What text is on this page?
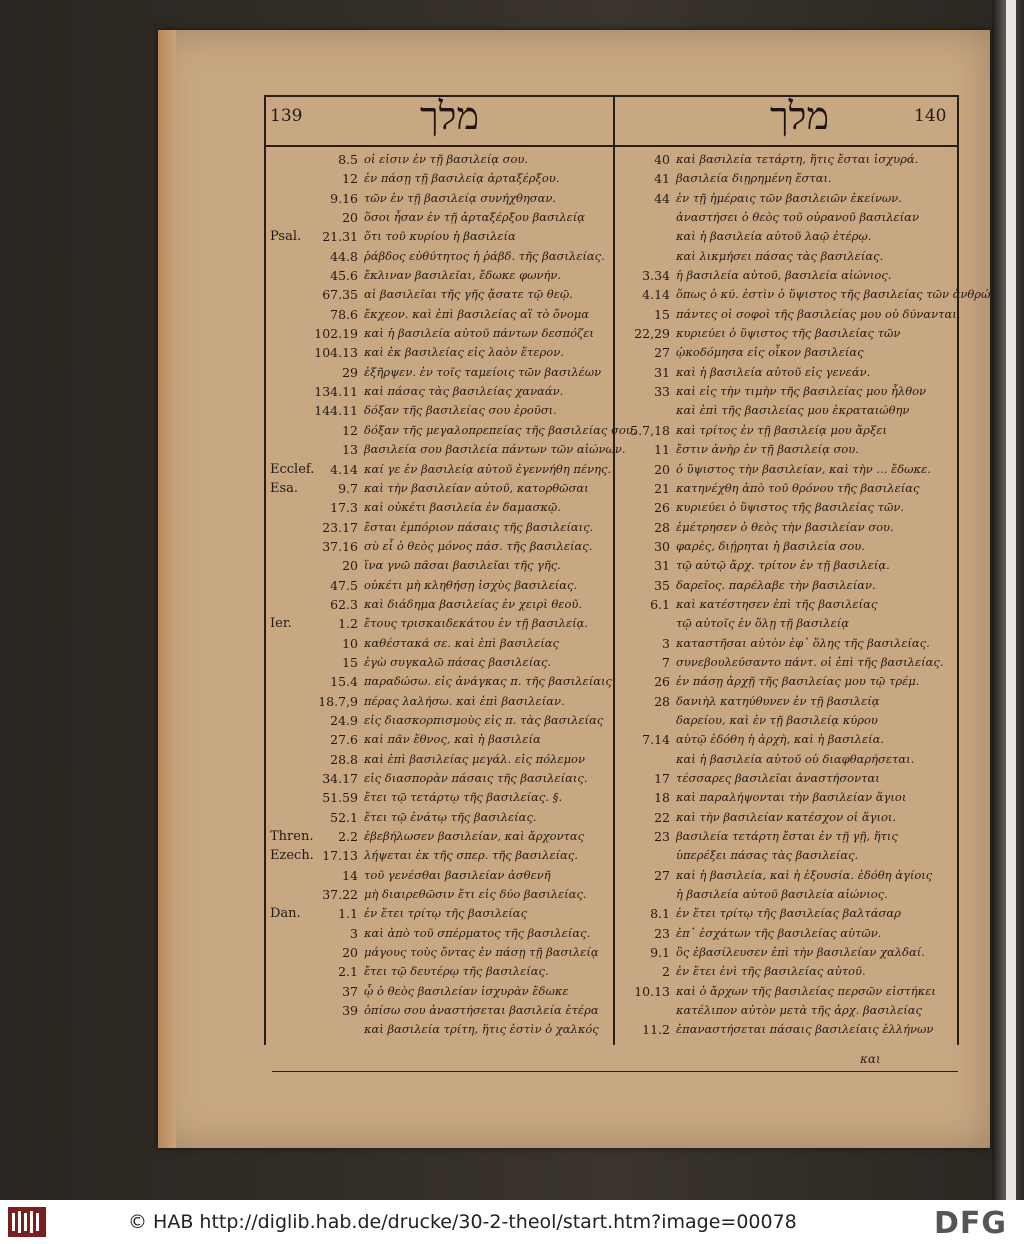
139	מלך	מלך	140
8.5 οἱ εἰσιν ἐν τῇ βασιλείᾳ σου.
12 ἐν πάσῃ τῇ βασιλείᾳ ἀρταξέρξου.
9.16 τῶν ἐν τῇ βασιλείᾳ συνήχθησαν.
20 ὅσοι ἦσαν ἐν τῇ ἀρταξέρξου βασιλείᾳ
Psal.	21.31 ὅτι τοῦ κυρίου ἡ βασιλεία
44.8 ῥάβδος εὐθύτητος ἡ ῥάβδ. τῆς βασιλείας.
45.6 ἔκλιναν βασιλεῖαι, ἔδωκε φωνήν.
67.35 αἱ βασιλεῖαι τῆς γῆς ᾄσατε τῷ θεῷ.
78.6 ἔκχεον. καὶ ἐπὶ βασιλείας αἳ τὸ ὄνομα
102.19 καὶ ἡ βασιλεία αὐτοῦ πάντων δεσπόζει
104.13 καὶ ἐκ βασιλείας εἰς λαὸν ἕτερον.
29 ἐξῆρψεν. ἐν τοῖς ταμείοις τῶν βασιλέων
134.11 καὶ πάσας τὰς βασιλείας χαναάν.
144.11 δόξαν τῆς βασιλείας σου ἐροῦσι.
12 δόξαν τῆς μεγαλοπρεπείας τῆς βασιλείας σου.
13 βασιλεία σου βασιλεία πάντων τῶν αἰώνων.
Ecclef.	4.14 καί γε ἐν βασιλείᾳ αὐτοῦ ἐγεννήθη πένης.
Esa.	9.7 καὶ τὴν βασιλείαν αὐτοῦ, κατορθῶσαι
17.3 καὶ οὐκέτι βασιλεία ἐν δαμασκῷ.
23.17 ἔσται ἐμπόριον πάσαις τῆς βασιλείαις.
37.16 σὺ εἶ ὁ θεὸς μόνος πάσ. τῆς βασιλείας.
20 ἵνα γνῶ πᾶσαι βασιλεῖαι τῆς γῆς.
47.5 οὐκέτι μὴ κληθήσῃ ἰσχὺς βασιλείας.
62.3 καὶ διάδημα βασιλείας ἐν χειρὶ θεοῦ.
Ier.	1.2 ἔτους τρισκαιδεκάτου ἐν τῇ βασιλείᾳ.
10 καθέστακά σε. καὶ ἐπὶ βασιλείας
15 ἐγὼ συγκαλῶ πάσας βασιλείας.
15.4 παραδώσω. εἰς ἀνάγκας π. τῆς βασιλείαις
18.7,9 πέρας λαλήσω. καὶ ἐπὶ βασιλείαν.
24.9 εἰς διασκορπισμοὺς εἰς π. τὰς βασιλείας
27.6 καὶ πᾶν ἔθνος, καὶ ἡ βασιλεία
28.8 καὶ ἐπὶ βασιλείας μεγάλ. εἰς πόλεμον
34.17 εἰς διασπορὰν πάσαις τῆς βασιλείαις.
51.59 ἔτει τῷ τετάρτῳ τῆς βασιλείας. §.
52.1 ἔτει τῷ ἐνάτῳ τῆς βασιλείας.
Thren.	2.2 ἐβεβήλωσεν βασιλείαν, καὶ ἄρχοντας
Ezech. 17.13 λήψεται ἐκ τῆς σπερ. τῆς βασιλείας.
14 τοῦ γενέσθαι βασιλείαν ἀσθενῆ
37.22 μὴ διαιρεθῶσιν ἔτι εἰς δύο βασιλείας.
Dan.	1.1 ἐν ἔτει τρίτῳ τῆς βασιλείας
3 καὶ ἀπὸ τοῦ σπέρματος τῆς βασιλείας.
20 μάγους τοὺς ὄντας ἐν πάσῃ τῇ βασιλείᾳ
2.1 ἔτει τῷ δευτέρῳ τῆς βασιλείας.
37 ᾧ ὁ θεὸς βασιλείαν ἰσχυρὰν ἔδωκε
39 ὀπίσω σου ἀναστήσεται βασιλεία ἑτέρα
καὶ βασιλεία τρίτη, ἥτις ἐστὶν ὁ χαλκός
40 καὶ βασιλεία τετάρτη, ἥτις ἔσται ἰσχυρά.
41 βασιλεία διῃρημένη ἔσται.
44 ἐν τῇ ἡμέραις τῶν βασιλειῶν ἐκείνων.
ἀναστήσει ὁ θεὸς τοῦ οὐρανοῦ βασιλείαν
καὶ ἡ βασιλεία αὐτοῦ λαῷ ἑτέρῳ.
καὶ λικμήσει πάσας τὰς βασιλείας.
3.34 ἡ βασιλεία αὐτοῦ, βασιλεία αἰώνιος.
4.14 ὅπως ὁ κύ. ἐστὶν ὁ ὕψιστος τῆς βασιλείας τῶν ἀνθρώ.
15 πάντες οἱ σοφοὶ τῆς βασιλείας μου οὐ δύνανται.
22,29 κυριεύει ὁ ὕψιστος τῆς βασιλείας τῶν
27 ᾠκοδόμησα εἰς οἶκον βασιλείας
31 καὶ ἡ βασιλεία αὐτοῦ εἰς γενεάν.
33 καὶ εἰς τὴν τιμὴν τῆς βασιλείας μου ἦλθον
καὶ ἐπὶ τῆς βασιλείας μου ἐκραταιώθην
5.7,18 καὶ τρίτος ἐν τῇ βασιλείᾳ μου ἄρξει
11 ἔστιν ἀνὴρ ἐν τῇ βασιλείᾳ σου.
20 ὁ ὕψιστος τὴν βασιλείαν, καὶ τὴν ... ἔδωκε.
21 κατηνέχθη ἀπὸ τοῦ θρόνου τῆς βασιλείας
26 κυριεύει ὁ ὕψιστος τῆς βασιλείας τῶν.
28 ἐμέτρησεν ὁ θεὸς τὴν βασιλείαν σου.
30 φαρὲς, διῄρηται ἡ βασιλεία σου.
31 τῷ αὐτῷ ἄρχ. τρίτον ἐν τῇ βασιλείᾳ.
35 δαρεῖος. παρέλαβε τὴν βασιλείαν.
6.1 καὶ κατέστησεν ἐπὶ τῆς βασιλείας
τῷ αὐτοῖς ἐν ὅλῃ τῇ βασιλείᾳ
3 καταστῆσαι αὐτὸν ἐφ᾽ ὅλης τῆς βασιλείας.
7 συνεβουλεύσαντο πάντ. οἱ ἐπὶ τῆς βασιλείας.
26 ἐν πάσῃ ἀρχῇ τῆς βασιλείας μου τῷ τρέμ.
28 δανιὴλ κατηύθυνεν ἐν τῇ βασιλείᾳ
δαρείου, καὶ ἐν τῇ βασιλείᾳ κύρου
7.14 αὐτῷ ἐδόθη ἡ ἀρχὴ, καὶ ἡ βασιλεία.
καὶ ἡ βασιλεία αὐτοῦ οὐ διαφθαρήσεται.
17 τέσσαρες βασιλεῖαι ἀναστήσονται
18 καὶ παραλήψονται τὴν βασιλείαν ἅγιοι
22 καὶ τὴν βασιλείαν κατέσχον οἱ ἅγιοι.
23 βασιλεία τετάρτη ἔσται ἐν τῇ γῇ, ἥτις
ὑπερέξει πάσας τὰς βασιλείας.
27 καὶ ἡ βασιλεία, καὶ ἡ ἐξουσία. ἐδόθη ἁγίοις
ἡ βασιλεία αὐτοῦ βασιλεία αἰώνιος.
8.1 ἐν ἔτει τρίτῳ τῆς βασιλείας βαλτάσαρ
23 ἐπ᾽ ἐσχάτων τῆς βασιλείας αὐτῶν.
9.1 ὃς ἐβασίλευσεν ἐπὶ τὴν βασιλείαν χαλδαί.
2 ἐν ἔτει ἑνὶ τῆς βασιλείας αὐτοῦ.
10.13 καὶ ὁ ἄρχων τῆς βασιλείας περσῶν εἱστήκει
κατέλιπον αὐτὸν μετὰ τῆς ἀρχ. βασιλείας
11.2 ἐπαναστήσεται πάσαις βασιλείαις ἑλλήνων
και
© HAB http://diglib.hab.de/drucke/30-2-theol/start.htm?image=00078	DFG
